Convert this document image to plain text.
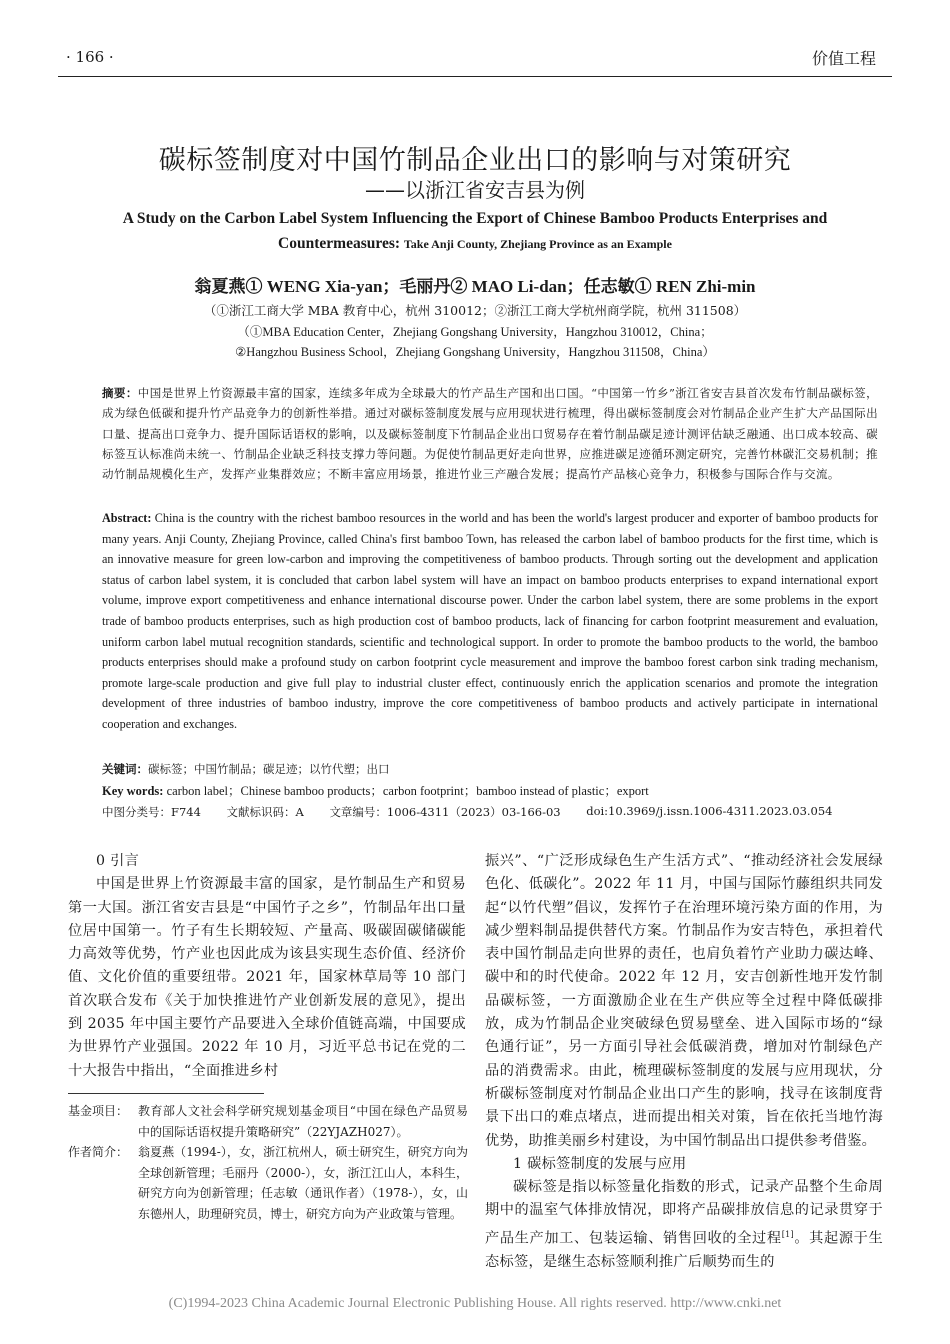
· 166 ·	价值工程
碳标签制度对中国竹制品企业出口的影响与对策研究
——以浙江省安吉县为例
A Study on the Carbon Label System Influencing the Export of Chinese Bamboo Products Enterprises and Countermeasures: Take Anji County, Zhejiang Province as an Example
翁夏燕① WENG Xia-yan；毛丽丹② MAO Li-dan；任志敏① REN Zhi-min
（①浙江工商大学 MBA 教育中心，杭州 310012；②浙江工商大学杭州商学院，杭州 311508）
（①MBA Education Center，Zhejiang Gongshang University，Hangzhou 310012，China；
②Hangzhou Business School，Zhejiang Gongshang University，Hangzhou 311508，China）
摘要：中国是世界上竹资源最丰富的国家，连续多年成为全球最大的竹产品生产国和出口国。“中国第一竹乡”浙江省安吉县首次发布竹制品碳标签，成为绿色低碳和提升竹产品竞争力的创新性举措。通过对碳标签制度发展与应用现状进行梳理，得出碳标签制度会对竹制品企业产生扩大产品国际出口量、提高出口竞争力、提升国际话语权的影响，以及碳标签制度下竹制品企业出口贸易存在着竹制品碳足迹计测评估缺乏融通、出口成本较高、碳标签互认标准尚未统一、竹制品企业缺乏科技支撑力等问题。为促使竹制品更好走向世界，应推进碳足迹循环测定研究，完善竹林碳汇交易机制；推动竹制品规模化生产，发挥产业集群效应；不断丰富应用场景，推进竹业三产融合发展；提高竹产品核心竞争力，积极参与国际合作与交流。
Abstract: China is the country with the richest bamboo resources in the world and has been the world's largest producer and exporter of bamboo products for many years. Anji County, Zhejiang Province, called China's first bamboo Town, has released the carbon label of bamboo products for the first time, which is an innovative measure for green low-carbon and improving the competitiveness of bamboo products. Through sorting out the development and application status of carbon label system, it is concluded that carbon label system will have an impact on bamboo products enterprises to expand international export volume, improve export competitiveness and enhance international discourse power. Under the carbon label system, there are some problems in the export trade of bamboo products enterprises, such as high production cost of bamboo products, lack of financing for carbon footprint measurement and evaluation, uniform carbon label mutual recognition standards, scientific and technological support. In order to promote the bamboo products to the world, the bamboo products enterprises should make a profound study on carbon footprint cycle measurement and improve the bamboo forest carbon sink trading mechanism, promote large-scale production and give full play to industrial cluster effect, continuously enrich the application scenarios and promote the integration development of three industries of bamboo industry, improve the core competitiveness of bamboo products and actively participate in international cooperation and exchanges.
关键词：碳标签；中国竹制品；碳足迹；以竹代塑；出口
Key words: carbon label；Chinese bamboo products；carbon footprint；bamboo instead of plastic；export
中图分类号：F744
文献标识码：A
文章编号：1006-4311（2023）03-166-03
doi:10.3969/j.issn.1006-4311.2023.03.054
0 引言
中国是世界上竹资源最丰富的国家，是竹制品生产和贸易第一大国。浙江省安吉县是“中国竹子之乡”，竹制品年出口量位居中国第一。竹子有生长期较短、产量高、吸碳固碳储碳能力高效等优势，竹产业也因此成为该县实现生态价值、经济价值、文化价值的重要纽带。2021 年，国家林草局等 10 部门首次联合发布《关于加快推进竹产业创新发展的意见》，提出到 2035 年中国主要竹产品要进入全球价值链高端，中国要成为世界竹产业强国。2022 年 10 月，习近平总书记在党的二十大报告中指出，“全面推进乡村
基金项目： 教育部人文社会科学研究规划基金项目“中国在绿色产品贸易中的国际话语权提升策略研究”（22YJAZH027）。
作者简介： 翁夏燕（1994-），女，浙江杭州人，硕士研究生，研究方向为全球创新管理；毛丽丹（2000-），女，浙江江山人，本科生，研究方向为创新管理；任志敏（通讯作者）（1978-），女，山东德州人，助理研究员，博士，研究方向为产业政策与管理。
振兴”、“广泛形成绿色生产生活方式”、“推动经济社会发展绿色化、低碳化”。2022 年 11 月，中国与国际竹藤组织共同发起“以竹代塑”倡议，发挥竹子在治理环境污染方面的作用，为减少塑料制品提供替代方案。竹制品作为安吉特色，承担着代表中国竹制品走向世界的责任，也肩负着竹产业助力碳达峰、碳中和的时代使命。2022 年 12 月，安吉创新性地开发竹制品碳标签，一方面激励企业在生产供应等全过程中降低碳排放，成为竹制品企业突破绿色贸易壁垒、进入国际市场的“绿色通行证”，另一方面引导社会低碳消费，增加对竹制绿色产品的消费需求。由此，梳理碳标签制度的发展与应用现状，分析碳标签制度对竹制品企业出口产生的影响，找寻在该制度背景下出口的难点堵点，进而提出相关对策，旨在依托当地竹海优势，助推美丽乡村建设，为中国竹制品出口提供参考借鉴。
1 碳标签制度的发展与应用
碳标签是指以标签量化指数的形式，记录产品整个生命周期中的温室气体排放情况，即将产品碳排放信息的记录贯穿于产品生产加工、包装运输、销售回收的全过程[1]。其起源于生态标签，是继生态标签顺利推广后顺势而生的
(C)1994-2023 China Academic Journal Electronic Publishing House. All rights reserved. http://www.cnki.net
